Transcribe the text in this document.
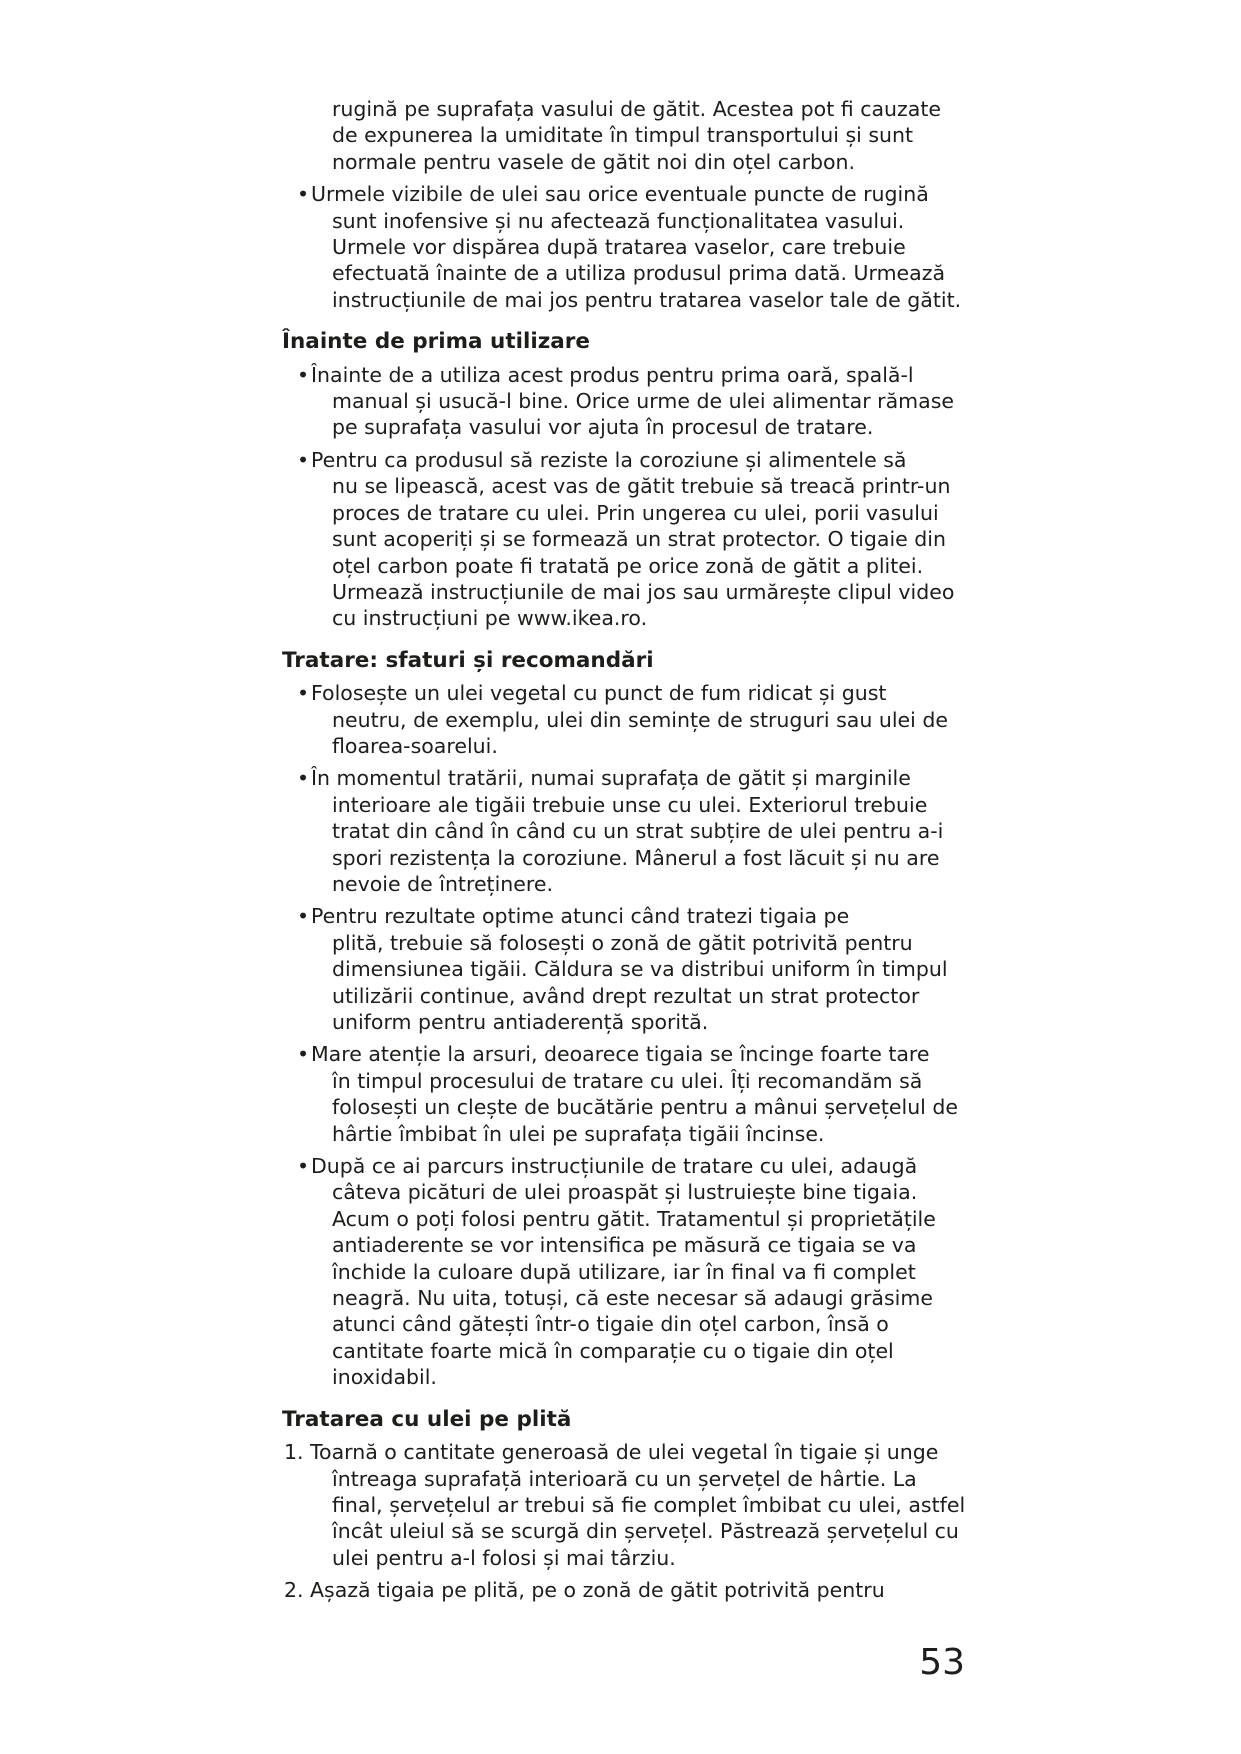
rugină pe suprafața vasului de gătit. Acestea pot fi cauzate
de expunerea la umiditate în timpul transportului și sunt
normale pentru vasele de gătit noi din oțel carbon.
•Urmele vizibile de ulei sau orice eventuale puncte de rugină
sunt inofensive și nu afectează funcționalitatea vasului.
Urmele vor dispărea după tratarea vaselor, care trebuie
efectuată înainte de a utiliza produsul prima dată. Urmează
instrucțiunile de mai jos pentru tratarea vaselor tale de gătit.
Înainte de prima utilizare
•Înainte de a utiliza acest produs pentru prima oară, spală-l
manual și usucă-l bine. Orice urme de ulei alimentar rămase
pe suprafața vasului vor ajuta în procesul de tratare.
•Pentru ca produsul să reziste la coroziune și alimentele să
nu se lipească, acest vas de gătit trebuie să treacă printr-un
proces de tratare cu ulei. Prin ungerea cu ulei, porii vasului
sunt acoperiți și se formează un strat protector. O tigaie din
oțel carbon poate fi tratată pe orice zonă de gătit a plitei.
Urmează instrucțiunile de mai jos sau urmărește clipul video
cu instrucțiuni pe www.ikea.ro.
Tratare: sfaturi și recomandări
•Folosește un ulei vegetal cu punct de fum ridicat și gust
neutru, de exemplu, ulei din semințe de struguri sau ulei de
floarea-soarelui.
•În momentul tratării, numai suprafața de gătit și marginile
interioare ale tigăii trebuie unse cu ulei. Exteriorul trebuie
tratat din când în când cu un strat subțire de ulei pentru a-i
spori rezistența la coroziune. Mânerul a fost lăcuit și nu are
nevoie de întreținere.
•Pentru rezultate optime atunci când tratezi tigaia pe
plită, trebuie să folosești o zonă de gătit potrivită pentru
dimensiunea tigăii. Căldura se va distribui uniform în timpul
utilizării continue, având drept rezultat un strat protector
uniform pentru antiaderență sporită.
•Mare atenție la arsuri, deoarece tigaia se încinge foarte tare
în timpul procesului de tratare cu ulei. Îți recomandăm să
folosești un clește de bucătărie pentru a mânui șervețelul de
hârtie îmbibat în ulei pe suprafața tigăii încinse.
•După ce ai parcurs instrucțiunile de tratare cu ulei, adaugă
câteva picături de ulei proaspăt și lustruiește bine tigaia.
Acum o poți folosi pentru gătit. Tratamentul și proprietățile
antiaderente se vor intensifica pe măsură ce tigaia se va
închide la culoare după utilizare, iar în final va fi complet
neagră. Nu uita, totuși, că este necesar să adaugi grăsime
atunci când gătești într-o tigaie din oțel carbon, însă o
cantitate foarte mică în comparație cu o tigaie din oțel
inoxidabil.
Tratarea cu ulei pe plită
1. Toarnă o cantitate generoasă de ulei vegetal în tigaie și unge
întreaga suprafață interioară cu un șervețel de hârtie. La
final, șervețelul ar trebui să fie complet îmbibat cu ulei, astfel
încât uleiul să se scurgă din șervețel. Păstrează șervețelul cu
ulei pentru a-l folosi și mai târziu.
2. Așază tigaia pe plită, pe o zonă de gătit potrivită pentru
53
